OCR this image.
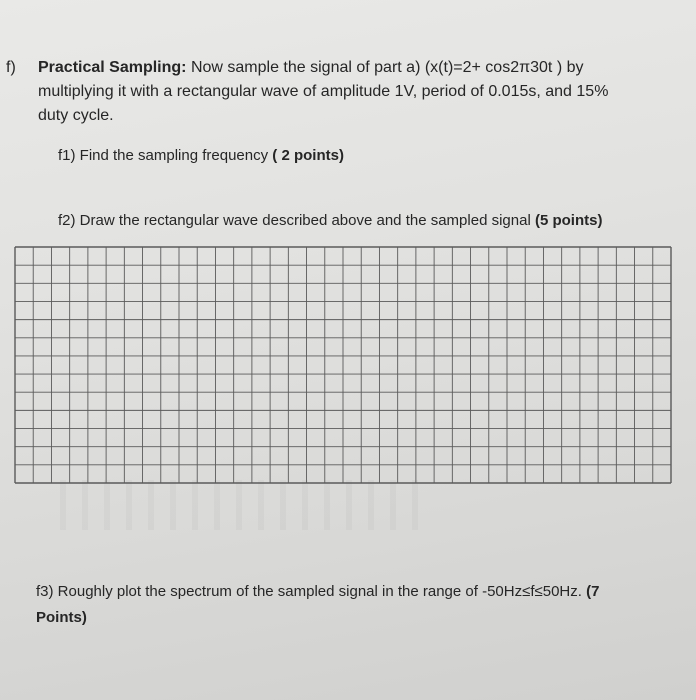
f) Practical Sampling: Now sample the signal of part a) (x(t)=2+ cos2π30t ) by
multiplying it with a rectangular wave of amplitude 1V, period of 0.015s, and 15%
duty cycle.
f1) Find the sampling frequency ( 2 points)
f2) Draw the rectangular wave described above and the sampled signal (5 points)
f3) Roughly plot the spectrum of the sampled signal in the range of -50Hz≤f≤50Hz. (7
Points)
